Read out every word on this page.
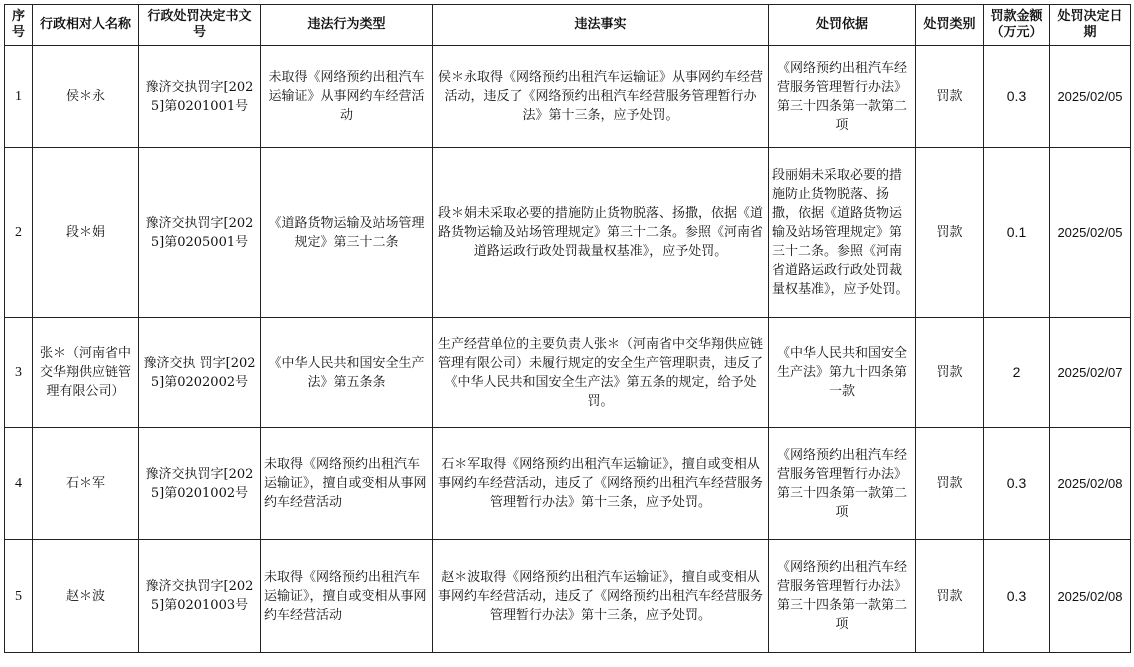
序号	行政相对人名称	行政处罚决定书文号	违法行为类型	违法事实	处罚依据	处罚类别	罚款金额（万元）	处罚决定日期
1	侯＊永	豫济交执罚字[2025]第0201001号	未取得《网络预约出租汽车运输证》从事网约车经营活动	侯＊永取得《网络预约出租汽车运输证》从事网约车经营活动，违反了《网络预约出租汽车经营服务管理暂行办法》第十三条，应予处罚。	《网络预约出租汽车经营服务管理暂行办法》第三十四条第一款第二项	罚款	0.3	2025/02/05
2	段＊娟	豫济交执罚字[2025]第0205001号	《道路货物运输及站场管理规定》第三十二条	段＊娟未采取必要的措施防止货物脱落、扬撒，依据《道路货物运输及站场管理规定》第三十二条。参照《河南省道路运政行政处罚裁量权基准》，应予处罚。	段丽娟未采取必要的措施防止货物脱落、扬撒，依据《道路货物运输及站场管理规定》第三十二条。参照《河南省道路运政行政处罚裁量权基准》，应予处罚。	罚款	0.1	2025/02/05
3	张＊（河南省中交华翔供应链管理有限公司）	豫济交执 罚字[2025]第0202002号	《中华人民共和国安全生产法》第五条条	生产经营单位的主要负责人张＊（河南省中交华翔供应链管理有限公司）未履行规定的安全生产管理职责，违反了《中华人民共和国安全生产法》第五条的规定，给予处罚。	《中华人民共和国安全生产法》第九十四条第一款	罚款	2	2025/02/07
4	石＊军	豫济交执罚字[2025]第0201002号	未取得《网络预约出租汽车运输证》，擅自或变相从事网约车经营活动	石＊军取得《网络预约出租汽车运输证》，擅自或变相从事网约车经营活动，违反了《网络预约出租汽车经营服务管理暂行办法》第十三条，应予处罚。	《网络预约出租汽车经营服务管理暂行办法》第三十四条第一款第二项	罚款	0.3	2025/02/08
5	赵＊波	豫济交执罚字[2025]第0201003号	未取得《网络预约出租汽车运输证》，擅自或变相从事网约车经营活动	赵＊波取得《网络预约出租汽车运输证》，擅自或变相从事网约车经营活动，违反了《网络预约出租汽车经营服务管理暂行办法》第十三条，应予处罚。	《网络预约出租汽车经营服务管理暂行办法》第三十四条第一款第二项	罚款	0.3	2025/02/08
